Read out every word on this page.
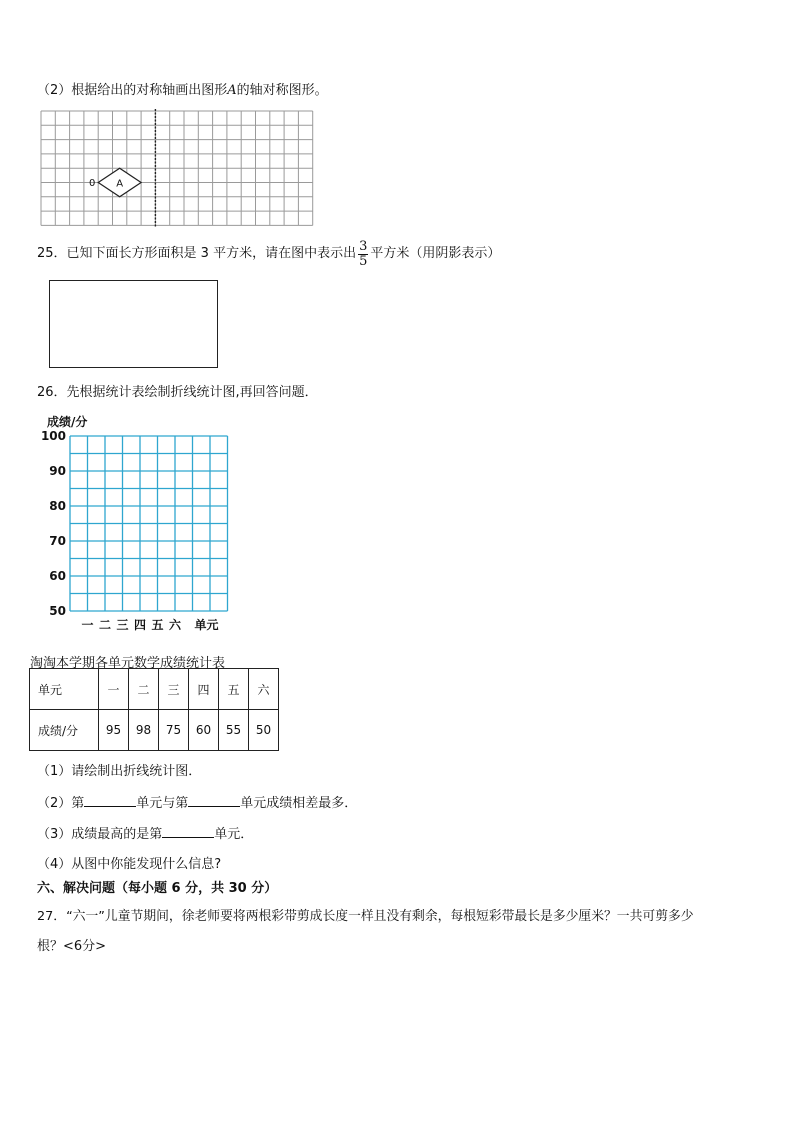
（2）根据给出的对称轴画出图形A的轴对称图形。
A
0
25．已知下面长方形面积是 3 平方米，请在图中表示出 $\frac{3}{5}$ 平方米（用阴影表示）
26．先根据统计表绘制折线统计图,再回答问题．
成绩/分
100
90
80
70
60
50
一 二 三 四 五 六 单元
淘淘本学期各单元数学成绩统计表
单元	一	二	三	四	五	六
成绩/分	95	98	75	60	55	50
（1）请绘制出折线统计图．
（2）第	单元与第	单元成绩相差最多．
（3）成绩最高的是第	单元．
（4）从图中你能发现什么信息?
六、解决问题（每小题 6 分，共 30 分）
27．“六一”儿童节期间，徐老师要将两根彩带剪成长度一样且没有剩余，每根短彩带最长是多少厘米？一共可剪多少
根？<6分>
